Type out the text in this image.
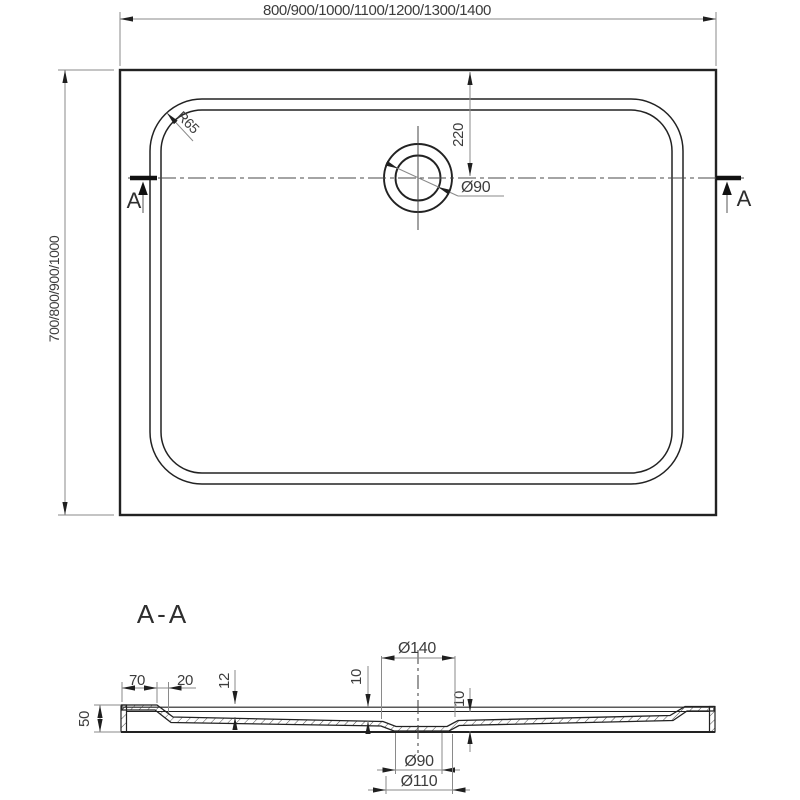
800/900/1000/1100/1200/1300/1400
700/800/900/1000
220
R65
Ø90
A	A
A-A
70 20 12	10
10
50
Ø140
Ø90
Ø110
